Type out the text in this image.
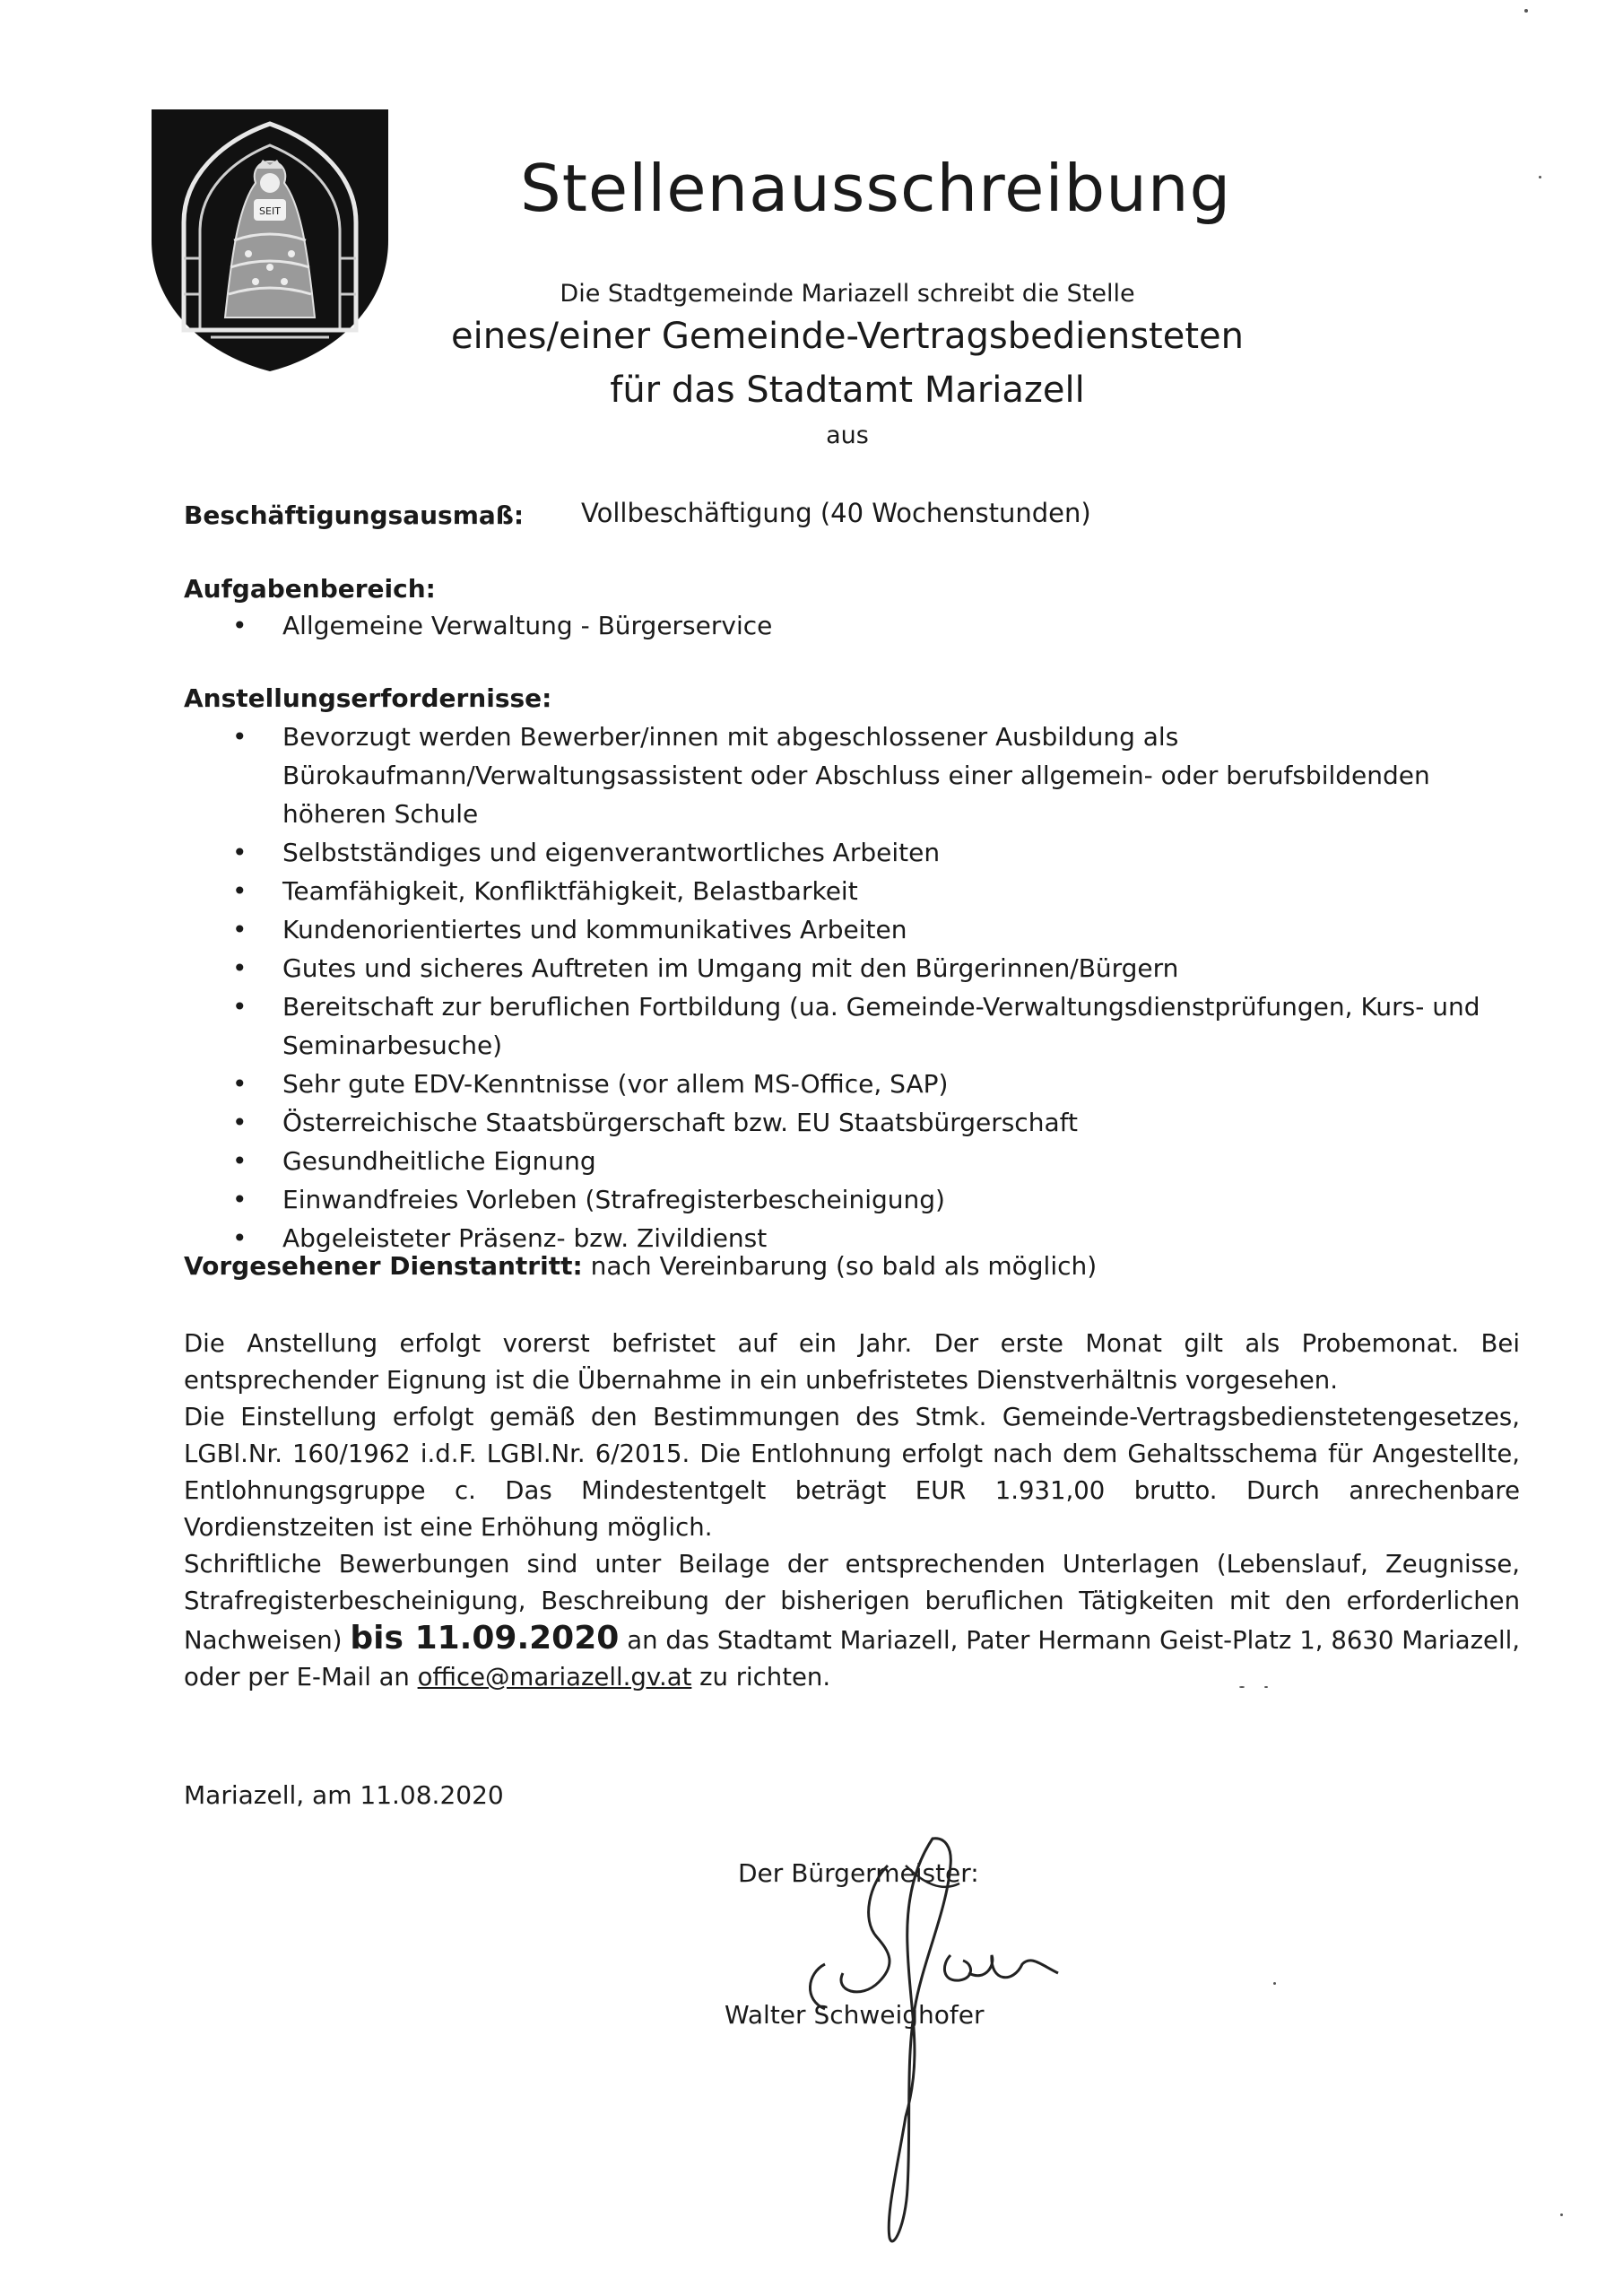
SEIT	Stellenausschreibung
Die Stadtgemeinde Mariazell schreibt die Stelle
eines/einer Gemeinde-Vertragsbediensteten
für das Stadtamt Mariazell
aus
Beschäftigungsausmaß: Vollbeschäftigung (40 Wochenstunden)
Aufgabenbereich:
• Allgemeine Verwaltung - Bürgerservice
Anstellungserfordernisse:
• Bevorzugt werden Bewerber/innen mit abgeschlossener Ausbildung als Bürokaufmann/Verwaltungsassistent oder Abschluss einer allgemein- oder berufsbildenden höheren Schule
• Selbstständiges und eigenverantwortliches Arbeiten
• Teamfähigkeit, Konfliktfähigkeit, Belastbarkeit
• Kundenorientiertes und kommunikatives Arbeiten
• Gutes und sicheres Auftreten im Umgang mit den Bürgerinnen/Bürgern
• Bereitschaft zur beruflichen Fortbildung (ua. Gemeinde-Verwaltungsdienstprüfungen, Kurs- und Seminarbesuche)
• Sehr gute EDV-Kenntnisse (vor allem MS-Office, SAP)
• Österreichische Staatsbürgerschaft bzw. EU Staatsbürgerschaft
• Gesundheitliche Eignung
• Einwandfreies Vorleben (Strafregisterbescheinigung)
• Abgeleisteter Präsenz- bzw. Zivildienst
Vorgesehener Dienstantritt: nach Vereinbarung (so bald als möglich)

Die Anstellung erfolgt vorerst befristet auf ein Jahr. Der erste Monat gilt als Probemonat. Bei entsprechender Eignung ist die Übernahme in ein unbefristetes Dienstverhältnis vorgesehen.

Die Einstellung erfolgt gemäß den Bestimmungen des Stmk. Gemeinde-Vertragsbedienstetengesetzes, LGBl.Nr. 160/1962 i.d.F. LGBl.Nr. 6/2015. Die Entlohnung erfolgt nach dem Gehaltsschema für Angestellte, Entlohnungsgruppe c. Das Mindestentgelt beträgt EUR 1.931,00 brutto. Durch anrechenbare Vordienstzeiten ist eine Erhöhung möglich.

Schriftliche Bewerbungen sind unter Beilage der entsprechenden Unterlagen (Lebenslauf, Zeugnisse, Strafregisterbescheinigung, Beschreibung der bisherigen beruflichen Tätigkeiten mit den erforderlichen Nachweisen) bis 11.09.2020 an das Stadtamt Mariazell, Pater Hermann Geist-Platz 1, 8630 Mariazell, oder per E-Mail an office@mariazell.gv.at zu richten.

Mariazell, am 11.08.2020
Der Bürgermeister:
Walter Schweighofer
